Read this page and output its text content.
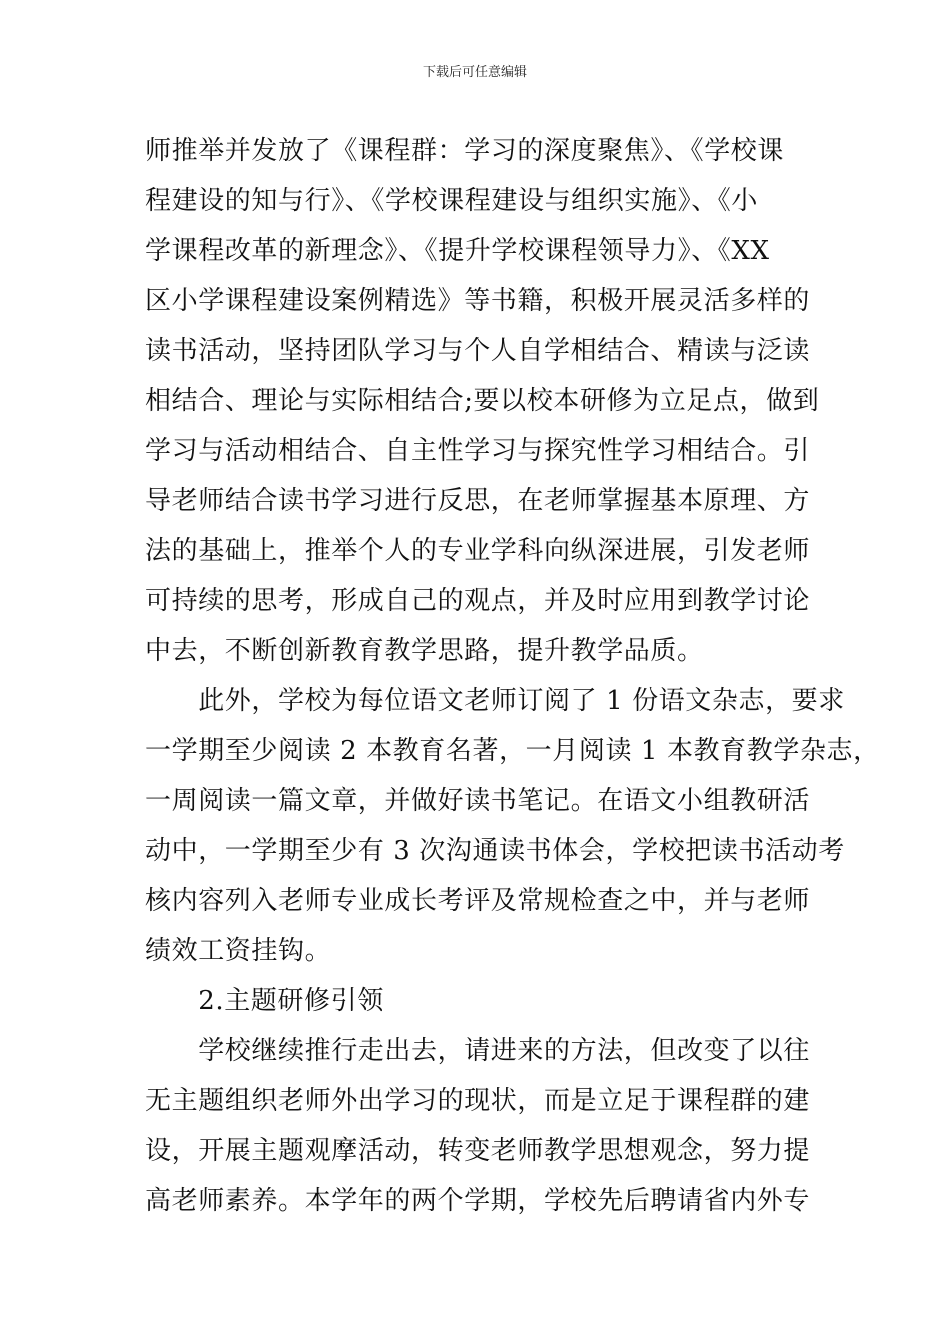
下载后可任意编辑
师推举并发放了《课程群：学习的深度聚焦》、《学校课
程建设的知与行》、《学校课程建设与组织实施》、《小
学课程改革的新理念》、《提升学校课程领导力》、《XX
区小学课程建设案例精选》等书籍，积极开展灵活多样的
读书活动，坚持团队学习与个人自学相结合、精读与泛读
相结合、理论与实际相结合;要以校本研修为立足点，做到
学习与活动相结合、自主性学习与探究性学习相结合。引
导老师结合读书学习进行反思，在老师掌握基本原理、方
法的基础上，推举个人的专业学科向纵深进展，引发老师
可持续的思考，形成自己的观点，并及时应用到教学讨论
中去，不断创新教育教学思路，提升教学品质。
　　此外，学校为每位语文老师订阅了 1 份语文杂志，要求
一学期至少阅读 2 本教育名著，一月阅读 1 本教育教学杂志，
一周阅读一篇文章，并做好读书笔记。在语文小组教研活
动中，一学期至少有 3 次沟通读书体会，学校把读书活动考
核内容列入老师专业成长考评及常规检查之中，并与老师
绩效工资挂钩。
　　2.主题研修引领
　　学校继续推行走出去，请进来的方法，但改变了以往
无主题组织老师外出学习的现状，而是立足于课程群的建
设，开展主题观摩活动，转变老师教学思想观念，努力提
高老师素养。本学年的两个学期，学校先后聘请省内外专
